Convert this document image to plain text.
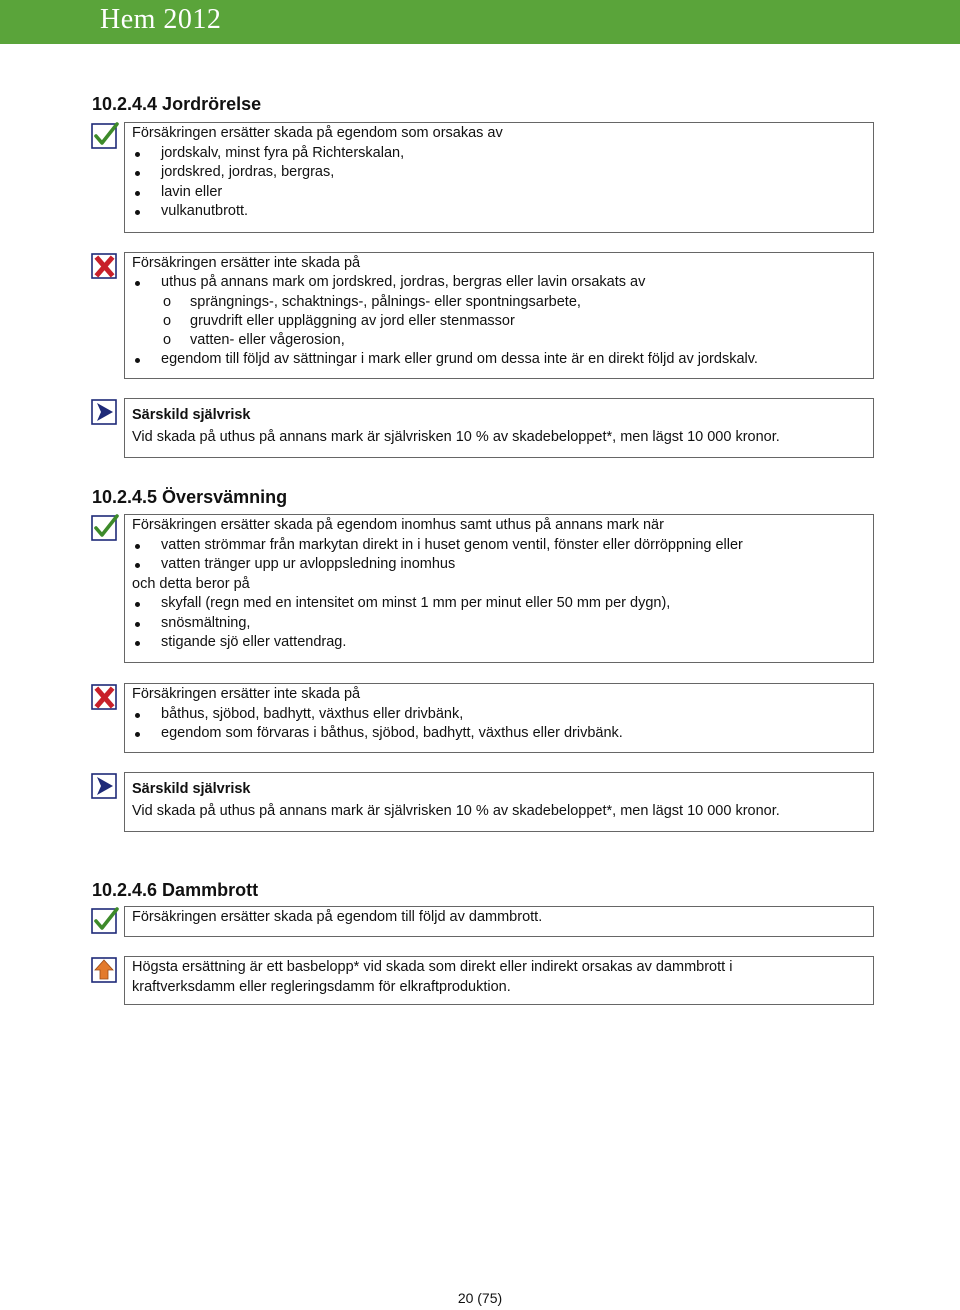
Hem 2012
10.2.4.4 Jordrörelse
Försäkringen ersätter skada på egendom som orsakas av
jordskalv, minst fyra på Richterskalan,
jordskred, jordras, bergras,
lavin eller
vulkanutbrott.
Försäkringen ersätter inte skada på
uthus på annans mark om jordskred, jordras, bergras eller lavin orsakats av
o sprängnings-, schaktnings-, pålnings- eller spontningsarbete,
o gruvdrift eller uppläggning av jord eller stenmassor
o vatten- eller vågerosion,
egendom till följd av sättningar i mark eller grund om dessa inte är en direkt följd av jordskalv.
Särskild självrisk
Vid skada på uthus på annans mark är självrisken 10 % av skadebeloppet*, men lägst 10 000 kronor.
10.2.4.5 Översvämning
Försäkringen ersätter skada på egendom inomhus samt uthus på annans mark när
vatten strömmar från markytan direkt in i huset genom ventil, fönster eller dörröppning eller
vatten tränger upp ur avloppsledning inomhus
och detta beror på
skyfall (regn med en intensitet om minst 1 mm per minut eller 50 mm per dygn),
snösmältning,
stigande sjö eller vattendrag.
Försäkringen ersätter inte skada på
båthus, sjöbod, badhytt, växthus eller drivbänk,
egendom som förvaras i båthus, sjöbod, badhytt, växthus eller drivbänk.
Särskild självrisk
Vid skada på uthus på annans mark är självrisken 10 % av skadebeloppet*, men lägst 10 000 kronor.
10.2.4.6 Dammbrott
Försäkringen ersätter skada på egendom till följd av dammbrott.
Högsta ersättning är ett basbelopp* vid skada som direkt eller indirekt orsakas av dammbrott i
kraftverksdamm eller regleringsdamm för elkraftproduktion.
20 (75)
